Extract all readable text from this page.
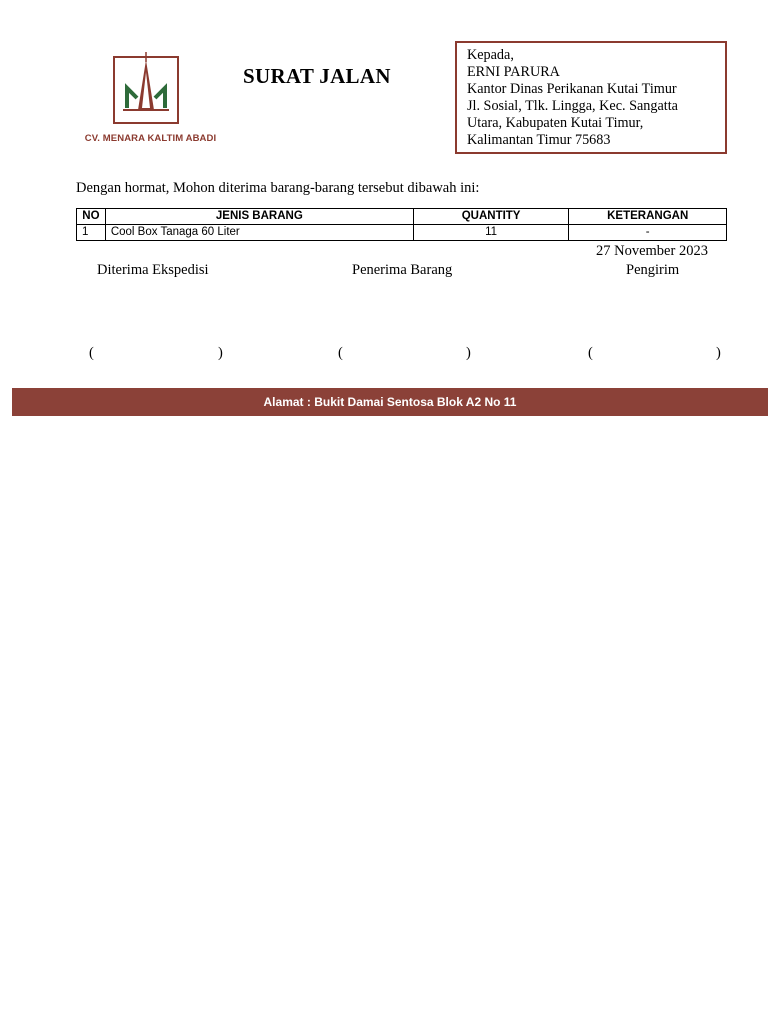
CV. MENARA KALTIM ABADI
SURAT JALAN
Kepada,
ERNI PARURA
Kantor Dinas Perikanan Kutai Timur
Jl. Sosial, Tlk. Lingga, Kec. Sangatta
Utara, Kabupaten Kutai Timur,
Kalimantan Timur 75683
Dengan hormat, Mohon diterima barang-barang tersebut dibawah ini:
NO	JENIS BARANG	QUANTITY	KETERANGAN
1	Cool Box Tanaga 60 Liter	11	-
27 November 2023
Diterima Ekspedisi	Penerima Barang	Pengirim
(	)	(	)	(	)
Alamat : Bukit Damai Sentosa Blok A2 No 11
